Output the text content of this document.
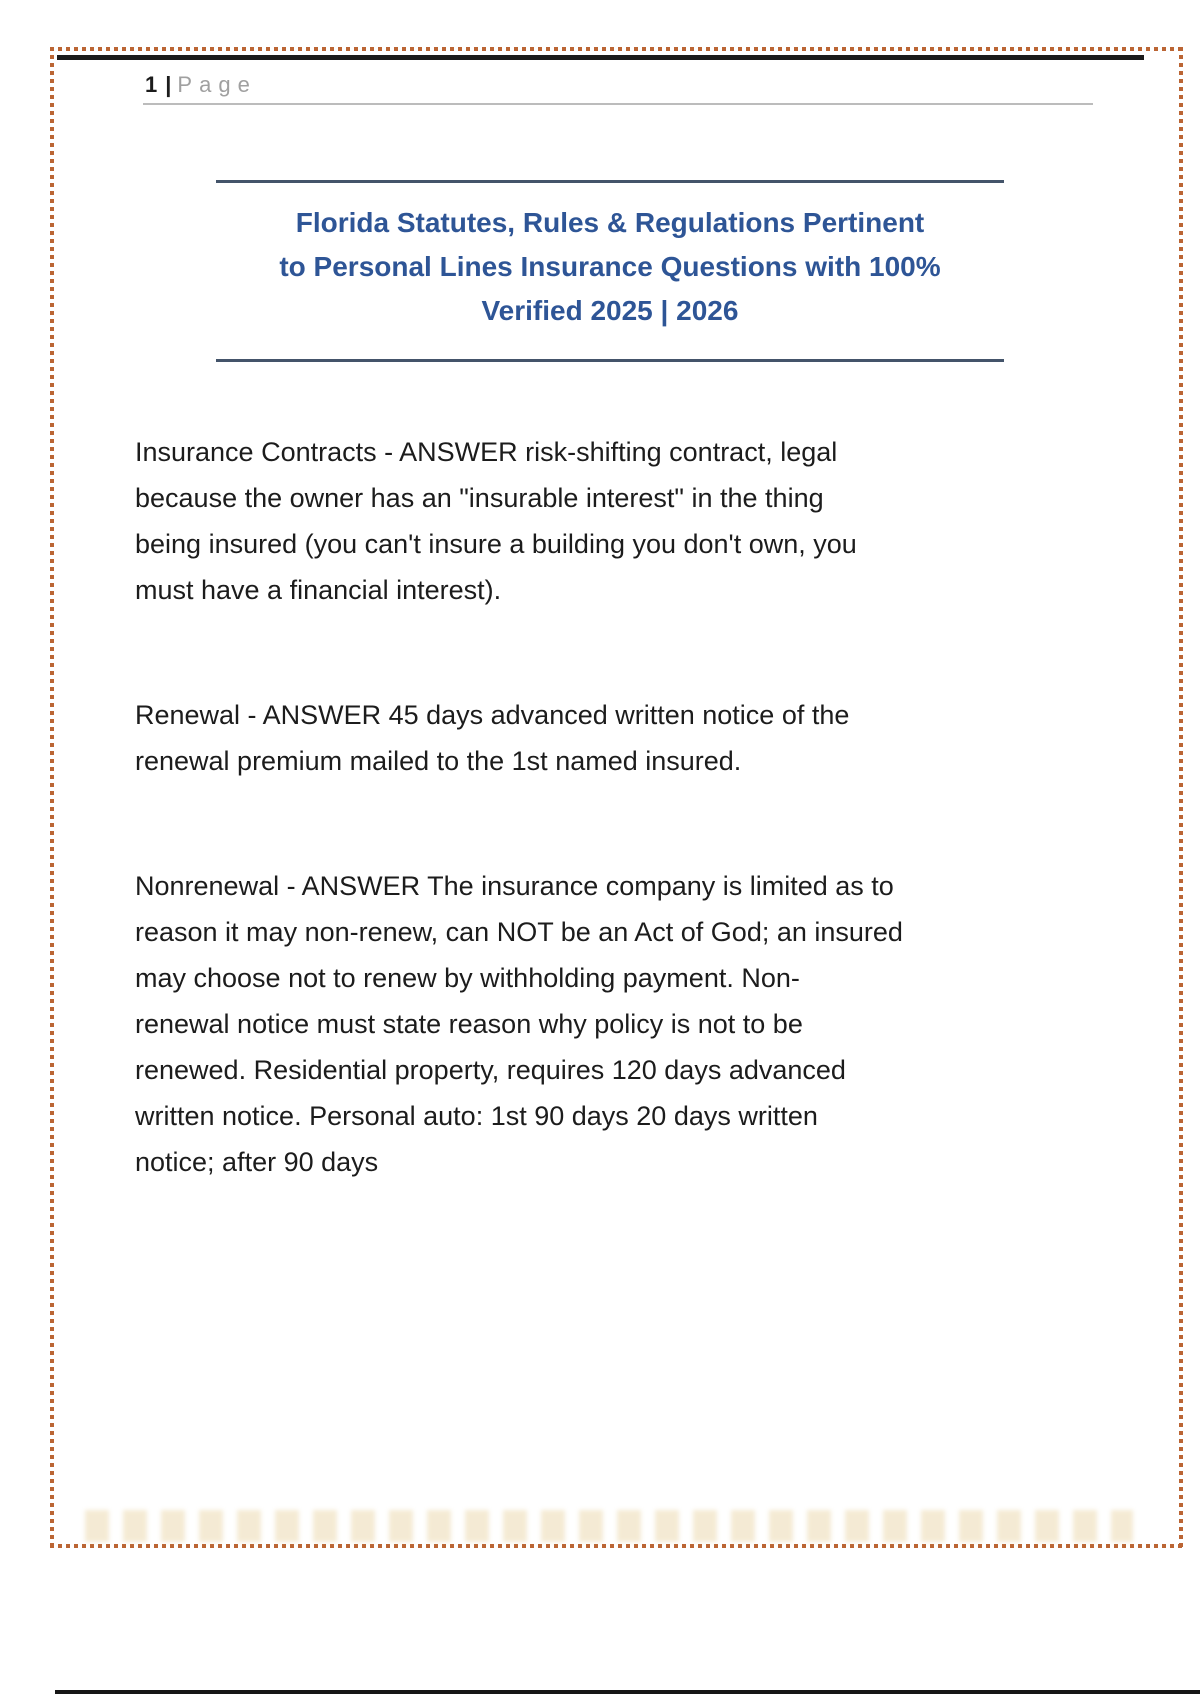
1 | Page
Florida Statutes, Rules & Regulations Pertinent
to Personal Lines Insurance Questions with 100%
Verified 2025 | 2026
Insurance Contracts - ANSWER risk-shifting contract, legal
because the owner has an "insurable interest" in the thing
being insured (you can't insure a building you don't own, you
must have a financial interest).
Renewal - ANSWER 45 days advanced written notice of the
renewal premium mailed to the 1st named insured.
Nonrenewal - ANSWER The insurance company is limited as to
reason it may non-renew, can NOT be an Act of God; an insured
may choose not to renew by withholding payment. Non-
renewal notice must state reason why policy is not to be
renewed. Residential property, requires 120 days advanced
written notice. Personal auto: 1st 90 days 20 days written
notice; after 90 days
